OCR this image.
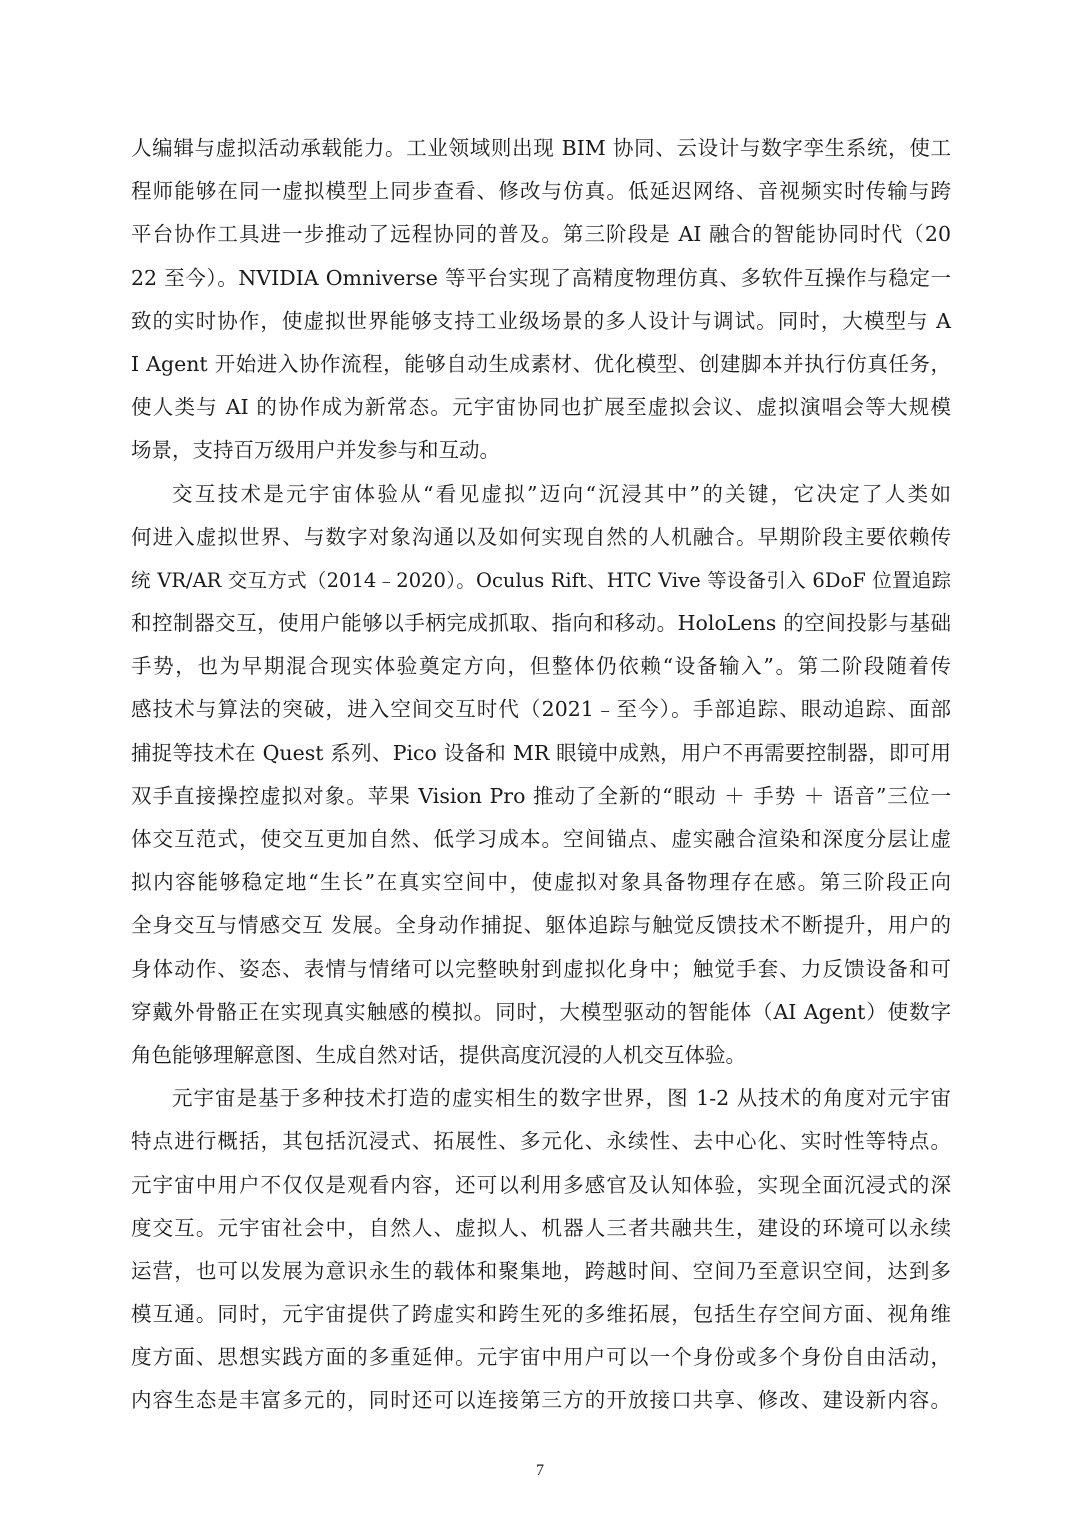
人编辑与虚拟活动承载能力。工业领域则出现 BIM 协同、云设计与数字孪生系统，使工
程师能够在同一虚拟模型上同步查看、修改与仿真。低延迟网络、音视频实时传输与跨
平台协作工具进一步推动了远程协同的普及。第三阶段是 AI 融合的智能协同时代（20
22 至今）。NVIDIA Omniverse 等平台实现了高精度物理仿真、多软件互操作与稳定一
致的实时协作，使虚拟世界能够支持工业级场景的多人设计与调试。同时，大模型与 A
I Agent 开始进入协作流程，能够自动生成素材、优化模型、创建脚本并执行仿真任务，
使人类与 AI 的协作成为新常态。元宇宙协同也扩展至虚拟会议、虚拟演唱会等大规模
场景，支持百万级用户并发参与和互动。
交互技术是元宇宙体验从“看见虚拟”迈向“沉浸其中”的关键，它决定了人类如
何进入虚拟世界、与数字对象沟通以及如何实现自然的人机融合。早期阶段主要依赖传
统 VR/AR 交互方式（2014﹣2020）。Oculus Rift、HTC Vive 等设备引入 6DoF 位置追踪
和控制器交互，使用户能够以手柄完成抓取、指向和移动。HoloLens 的空间投影与基础
手势，也为早期混合现实体验奠定方向，但整体仍依赖“设备输入”。第二阶段随着传
感技术与算法的突破，进入空间交互时代（2021﹣至今）。手部追踪、眼动追踪、面部
捕捉等技术在 Quest 系列、Pico 设备和 MR 眼镜中成熟，用户不再需要控制器，即可用
双手直接操控虚拟对象。苹果 Vision Pro 推动了全新的“眼动 ＋ 手势 ＋ 语音”三位一
体交互范式，使交互更加自然、低学习成本。空间锚点、虚实融合渲染和深度分层让虚
拟内容能够稳定地“生长”在真实空间中，使虚拟对象具备物理存在感。第三阶段正向
全身交互与情感交互 发展。全身动作捕捉、躯体追踪与触觉反馈技术不断提升，用户的
身体动作、姿态、表情与情绪可以完整映射到虚拟化身中；触觉手套、力反馈设备和可
穿戴外骨骼正在实现真实触感的模拟。同时，大模型驱动的智能体（AI Agent）使数字
角色能够理解意图、生成自然对话，提供高度沉浸的人机交互体验。
元宇宙是基于多种技术打造的虚实相生的数字世界，图 1-2 从技术的角度对元宇宙
特点进行概括，其包括沉浸式、拓展性、多元化、永续性、去中心化、实时性等特点。
元宇宙中用户不仅仅是观看内容，还可以利用多感官及认知体验，实现全面沉浸式的深
度交互。元宇宙社会中，自然人、虚拟人、机器人三者共融共生，建设的环境可以永续
运营，也可以发展为意识永生的载体和聚集地，跨越时间、空间乃至意识空间，达到多
模互通。同时，元宇宙提供了跨虚实和跨生死的多维拓展，包括生存空间方面、视角维
度方面、思想实践方面的多重延伸。元宇宙中用户可以一个身份或多个身份自由活动，
内容生态是丰富多元的，同时还可以连接第三方的开放接口共享、修改、建设新内容。
7
